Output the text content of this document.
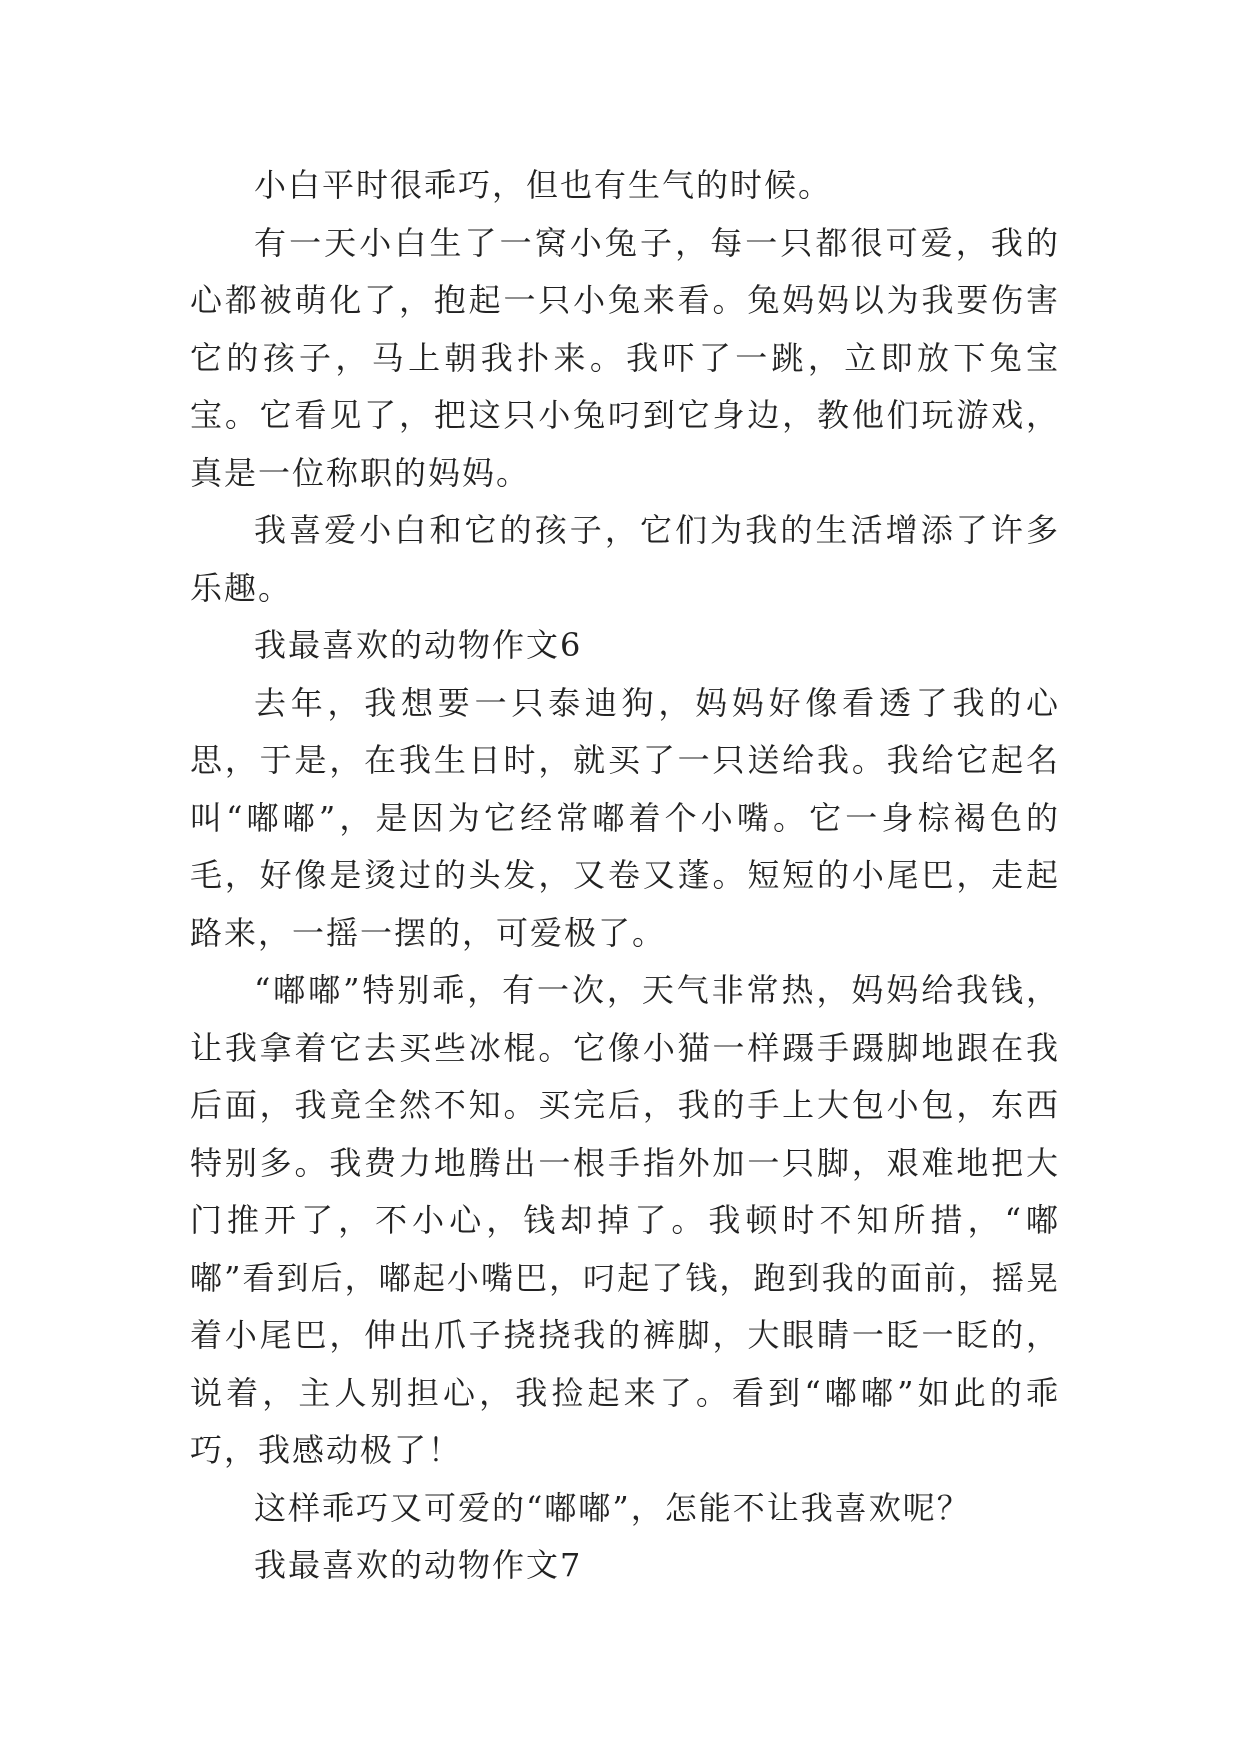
小白平时很乖巧，但也有生气的时候。

有一天小白生了一窝小兔子，每一只都很可爱，我的心都被萌化了，抱起一只小兔来看。兔妈妈以为我要伤害它的孩子，马上朝我扑来。我吓了一跳，立即放下兔宝宝。它看见了，把这只小兔叼到它身边，教他们玩游戏，真是一位称职的妈妈。

我喜爱小白和它的孩子，它们为我的生活增添了许多乐趣。

我最喜欢的动物作文6

去年，我想要一只泰迪狗，妈妈好像看透了我的心思，于是，在我生日时，就买了一只送给我。我给它起名叫“嘟嘟”，是因为它经常嘟着个小嘴。它一身棕褐色的毛，好像是烫过的头发，又卷又蓬。短短的小尾巴，走起路来，一摇一摆的，可爱极了。

“嘟嘟”特别乖，有一次，天气非常热，妈妈给我钱，让我拿着它去买些冰棍。它像小猫一样蹑手蹑脚地跟在我后面，我竟全然不知。买完后，我的手上大包小包，东西特别多。我费力地腾出一根手指外加一只脚，艰难地把大门推开了，不小心，钱却掉了。我顿时不知所措，“嘟嘟”看到后，嘟起小嘴巴，叼起了钱，跑到我的面前，摇晃着小尾巴，伸出爪子挠挠我的裤脚，大眼睛一眨一眨的，说着，主人别担心，我捡起来了。看到“嘟嘟”如此的乖巧，我感动极了！

这样乖巧又可爱的“嘟嘟”，怎能不让我喜欢呢？

我最喜欢的动物作文7
